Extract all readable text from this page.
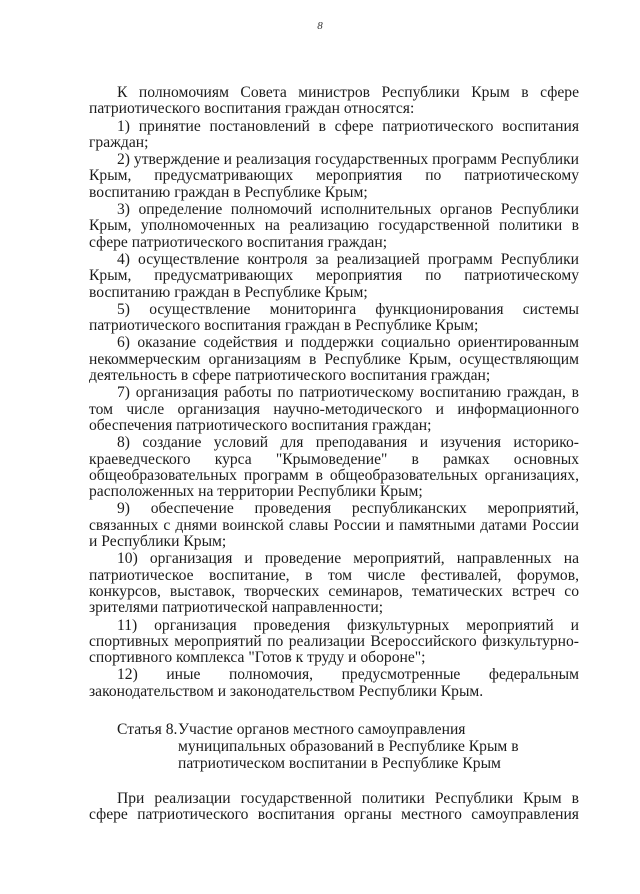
8

К полномочиям Совета министров Республики Крым в сфере патриотического воспитания граждан относятся:

1) принятие постановлений в сфере патриотического воспитания граждан;

2) утверждение и реализация государственных программ Республики Крым, предусматривающих мероприятия по патриотическому воспитанию граждан в Республике Крым;

3) определение полномочий исполнительных органов Республики Крым, уполномоченных на реализацию государственной политики в сфере патриотического воспитания граждан;

4) осуществление контроля за реализацией программ Республики Крым, предусматривающих мероприятия по патриотическому воспитанию граждан в Республике Крым;

5) осуществление мониторинга функционирования системы патриотического воспитания граждан в Республике Крым;

6) оказание содействия и поддержки социально ориентированным некоммерческим организациям в Республике Крым, осуществляющим деятельность в сфере патриотического воспитания граждан;

7) организация работы по патриотическому воспитанию граждан, в том числе организация научно-методического и информационного обеспечения патриотического воспитания граждан;

8) создание условий для преподавания и изучения историко-краеведческого курса "Крымоведение" в рамках основных общеобразовательных программ в общеобразовательных организациях, расположенных на территории Республики Крым;

9) обеспечение проведения республиканских мероприятий, связанных с днями воинской славы России и памятными датами России и Республики Крым;

10) организация и проведение мероприятий, направленных на патриотическое воспитание, в том числе фестивалей, форумов, конкурсов, выставок, творческих семинаров, тематических встреч со зрителями патриотической направленности;

11) организация проведения физкультурных мероприятий и спортивных мероприятий по реализации Всероссийского физкультурно-спортивного комплекса "Готов к труду и обороне";

12) иные полномочия, предусмотренные федеральным законодательством и законодательством Республики Крым.

Статья 8. Участие органов местного самоуправления муниципальных образований в Республике Крым в патриотическом воспитании в Республике Крым

При реализации государственной политики Республики Крым в сфере патриотического воспитания органы местного самоуправления
